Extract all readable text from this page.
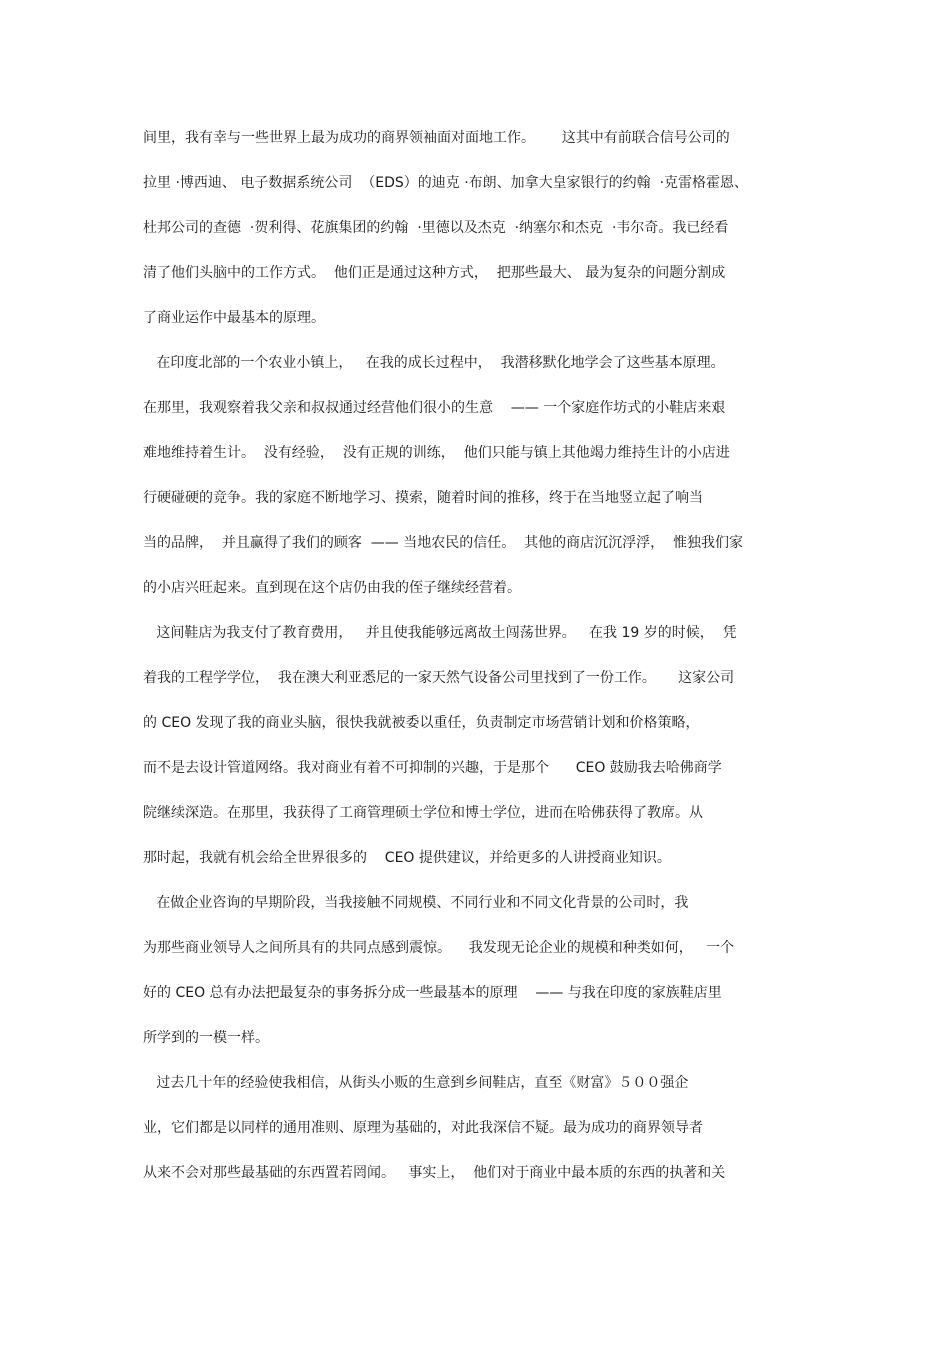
间里，我有幸与一些世界上最为成功的商界领袖面对面地工作。      这其中有前联合信号公司的
拉里 ·博西迪、 电子数据系统公司  （EDS）的迪克 ·布朗、加拿大皇家银行的约翰  ·克雷格霍恩、
杜邦公司的查德  ·贺利得、花旗集团的约翰  ·里德以及杰克  ·纳塞尔和杰克  ·韦尔奇。我已经看
清了他们头脑中的工作方式。  他们正是通过这种方式，  把那些最大、 最为复杂的问题分割成
了商业运作中最基本的原理。
在印度北部的一个农业小镇上，   在我的成长过程中，  我潜移默化地学会了这些基本原理。
在那里，我观察着我父亲和叔叔通过经营他们很小的生意    —— 一个家庭作坊式的小鞋店来艰
难地维持着生计。  没有经验，  没有正规的训练，  他们只能与镇上其他竭力维持生计的小店进
行硬碰硬的竞争。我的家庭不断地学习、摸索，随着时间的推移，终于在当地竖立起了响当
当的品牌，  并且赢得了我们的顾客  —— 当地农民的信任。  其他的商店沉沉浮浮，  惟独我们家
的小店兴旺起来。直到现在这个店仍由我的侄子继续经营着。
这间鞋店为我支付了教育费用，   并且使我能够远离故土闯荡世界。   在我 19 岁的时候，  凭
着我的工程学学位，  我在澳大利亚悉尼的一家天然气设备公司里找到了一份工作。     这家公司
的 CEO 发现了我的商业头脑，很快我就被委以重任，负责制定市场营销计划和价格策略，
而不是去设计管道网络。我对商业有着不可抑制的兴趣，于是那个      CEO 鼓励我去哈佛商学
院继续深造。在那里，我获得了工商管理硕士学位和博士学位，进而在哈佛获得了教席。从
那时起，我就有机会给全世界很多的    CEO 提供建议，并给更多的人讲授商业知识。
在做企业咨询的早期阶段，当我接触不同规模、不同行业和不同文化背景的公司时，我
为那些商业领导人之间所具有的共同点感到震惊。    我发现无论企业的规模和种类如何，   一个
好的 CEO 总有办法把最复杂的事务拆分成一些最基本的原理    —— 与我在印度的家族鞋店里
所学到的一模一样。
过去几十年的经验使我相信，从街头小贩的生意到乡间鞋店，直至《财富》５００强企
业，它们都是以同样的通用准则、原理为基础的，对此我深信不疑。最为成功的商界领导者
从来不会对那些最基础的东西置若罔闻。   事实上，  他们对于商业中最本质的东西的执著和关
